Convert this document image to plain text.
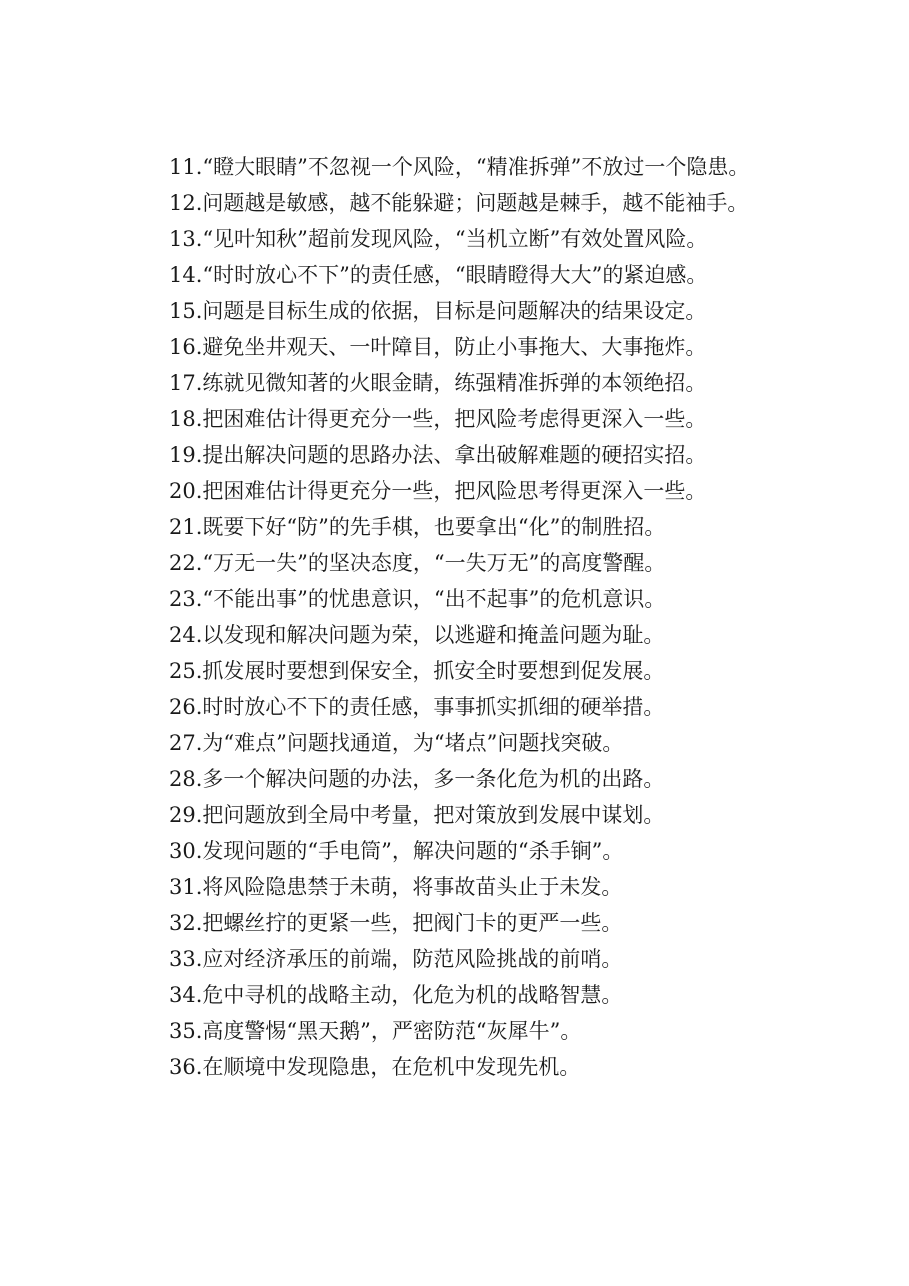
11.“瞪大眼睛”不忽视一个风险，“精准拆弹”不放过一个隐患。

12.问题越是敏感，越不能躲避；问题越是棘手，越不能袖手。

13.“见叶知秋”超前发现风险，“当机立断”有效处置风险。

14.“时时放心不下”的责任感，“眼睛瞪得大大”的紧迫感。

15.问题是目标生成的依据，目标是问题解决的结果设定。

16.避免坐井观天、一叶障目，防止小事拖大、大事拖炸。

17.练就见微知著的火眼金睛，练强精准拆弹的本领绝招。

18.把困难估计得更充分一些，把风险考虑得更深入一些。

19.提出解决问题的思路办法、拿出破解难题的硬招实招。

20.把困难估计得更充分一些，把风险思考得更深入一些。

21.既要下好“防”的先手棋，也要拿出“化”的制胜招。

22.“万无一失”的坚决态度，“一失万无”的高度警醒。

23.“不能出事”的忧患意识，“出不起事”的危机意识。

24.以发现和解决问题为荣，以逃避和掩盖问题为耻。

25.抓发展时要想到保安全，抓安全时要想到促发展。

26.时时放心不下的责任感，事事抓实抓细的硬举措。

27.为“难点”问题找通道，为“堵点”问题找突破。

28.多一个解决问题的办法，多一条化危为机的出路。

29.把问题放到全局中考量，把对策放到发展中谋划。

30.发现问题的“手电筒”，解决问题的“杀手锏”。

31.将风险隐患禁于未萌，将事故苗头止于未发。

32.把螺丝拧的更紧一些，把阀门卡的更严一些。

33.应对经济承压的前端，防范风险挑战的前哨。

34.危中寻机的战略主动，化危为机的战略智慧。

35.高度警惕“黑天鹅”，严密防范“灰犀牛”。

36.在顺境中发现隐患，在危机中发现先机。
